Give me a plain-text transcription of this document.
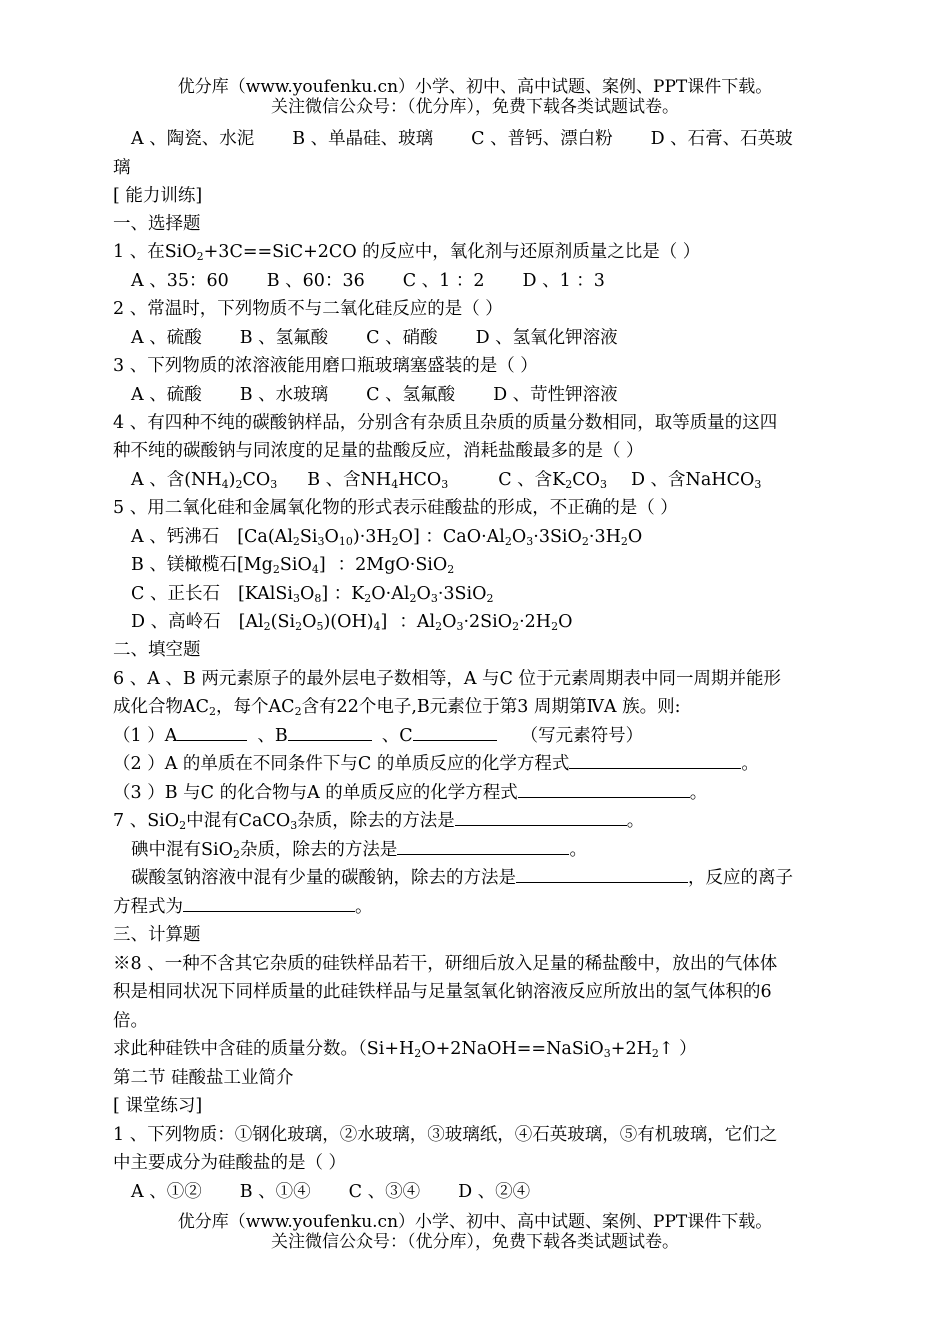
优分库（www.youfenku.cn）小学、初中、高中试题、案例、PPT课件下载。
关注微信公众号：（优分库），免费下载各类试题试卷。
A 、陶瓷、水泥 B 、单晶硅、玻璃 C 、普钙、漂白粉 D 、石膏、石英玻
璃
[ 能力训练]
一、选择题
1 、在SiO$_2$+3C==SiC+2CO 的反应中，氧化剂与还原剂质量之比是（ ）
A 、35：60 B 、60：36 C 、1 ：2 D 、1 ：3
2 、常温时，下列物质不与二氧化硅反应的是（ ）
A 、硫酸 B 、氢氟酸 C 、硝酸 D 、氢氧化钾溶液
3 、下列物质的浓溶液能用磨口瓶玻璃塞盛装的是（ ）
A 、硫酸 B 、水玻璃 C 、氢氟酸 D 、苛性钾溶液
4 、有四种不纯的碳酸钠样品，分别含有杂质且杂质的质量分数相同，取等质量的这四
种不纯的碳酸钠与同浓度的足量的盐酸反应，消耗盐酸最多的是（ ）
A 、含$(NH_4)_2CO_3$ B 、含$NH_4HCO_3$	C 、含$K_2CO_3$ D 、含NaHCO$_3$
5 、用二氧化硅和金属氧化物的形式表示硅酸盐的形成，不正确的是（ ）
A 、钙沸石 $[Ca(Al_2Si_3O_{10})\cdot 3H_2O]$ ：$CaO\cdot Al_2O_3\cdot 3SiO_2\cdot 3H_2O$
B 、镁橄榄石$[Mg_2SiO_4]$ ：2MgO·SiO$_2$
C 、正长石 $[KAlSi_3O_8]$ ：$K_2O\cdot Al_2O_3\cdot 3SiO_2$
D 、高岭石 $[Al_2(Si_2O_5)(OH)_4]$ ：$Al_2O_3\cdot 2SiO_2\cdot 2H_2O$
二、填空题
6 、A 、B 两元素原子的最外层电子数相等，A 与C 位于元素周期表中同一周期并能形
成化合物$AC_2$，每个$AC_2$含有22个电子,B元素位于第3 周期第ⅣA 族。则:
（1 ）A	、B	、C	（写元素符号）
（2 ）A 的单质在不同条件下与C 的单质反应的化学方程式	。
（3 ）B 与C 的化合物与A 的单质反应的化学方程式	。
7 、SiO$_2$中混有CaCO$_3$杂质，除去的方法是	。
碘中混有SiO$_2$杂质，除去的方法是	。
碳酸氢钠溶液中混有少量的碳酸钠，除去的方法是	，反应的离子
方程式为	。
三、计算题
※8 、一种不含其它杂质的硅铁样品若干，研细后放入足量的稀盐酸中，放出的气体体
积是相同状况下同样质量的此硅铁样品与足量氢氧化钠溶液反应所放出的氢气体积的6
倍。
求此种硅铁中含硅的质量分数。（$Si+H_2O+2NaOH==NaSiO_3+2H_2↑$ ）
第二节 硅酸盐工业简介
[ 课堂练习]
1 、下列物质：①钢化玻璃，②水玻璃，③玻璃纸，④石英玻璃，⑤有机玻璃，它们之
中主要成分为硅酸盐的是（ ）
A 、①② B 、①④ C 、③④ D 、②④
优分库（www.youfenku.cn）小学、初中、高中试题、案例、PPT课件下载。
关注微信公众号：（优分库），免费下载各类试题试卷。
